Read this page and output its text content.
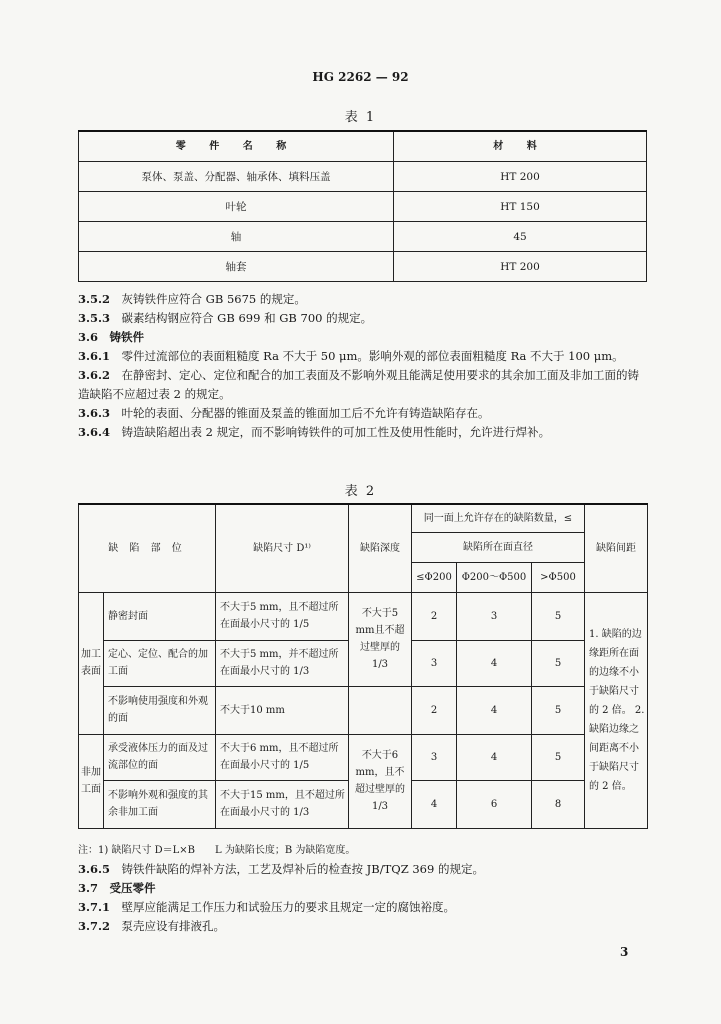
HG 2262 — 92
表 1
零 件 名 称	材 料
泵体、泵盖、分配器、轴承体、填料压盖	HT 200
叶轮	HT 150
轴	45
轴套	HT 200
3.5.2　 灰铸铁件应符合 GB 5675 的规定。
3.5.3　 碳素结构钢应符合 GB 699 和 GB 700 的规定。
3.6　 铸铁件
3.6.1　 零件过流部位的表面粗糙度 Ra 不大于 50 μm。影响外观的部位表面粗糙度 Ra 不大于 100 μm。
3.6.2　 在静密封、定心、定位和配合的加工表面及不影响外观且能满足使用要求的其余加工面及非加工面的铸造缺陷不应超过表 2 的规定。
3.6.3　 叶轮的表面、分配器的锥面及泵盖的锥面加工后不允许有铸造缺陷存在。
3.6.4　 铸造缺陷超出表 2 规定，而不影响铸铁件的可加工性及使用性能时，允许进行焊补。
表 2
缺 陷 部 位		缺陷尺寸 D¹⁾	缺陷深度	同一面上允许存在的缺陷数量，≤			缺陷间距
				缺陷所在面直径			
				≤Φ200	Φ200～Φ500	>Φ500	
加工表面	静密封面	不大于5 mm，且不超过所在面最小尺寸的 1/5	不大于5 mm且不超过壁厚的 1/3	2	3	5	1. 缺陷的边缘距所在面的边缘不小于缺陷尺寸的 2 倍。 2. 缺陷边缘之间距离不小于缺陷尺寸的 2 倍。
	定心、定位、配合的加工面	不大于5 mm，并不超过所在面最小尺寸的 1/3		3	4	5	
	不影响使用强度和外观的面	不大于10 mm		2	4	5	
非加工面	承受液体压力的面及过流部位的面	不大于6 mm，且不超过所在面最小尺寸的 1/5	不大于6 mm，且不超过壁厚的 1/3	3	4	5	
	不影响外观和强度的其余非加工面	不大于15 mm，且不超过所在面最小尺寸的 1/3		4	6	8	
注：1) 缺陷尺寸 D＝L×B　　L 为缺陷长度；B 为缺陷宽度。
3.6.5　 铸铁件缺陷的焊补方法，工艺及焊补后的检查按 JB/TQZ 369 的规定。
3.7　 受压零件
3.7.1　 壁厚应能满足工作压力和试验压力的要求且规定一定的腐蚀裕度。
3.7.2　 泵壳应设有排液孔。
3
